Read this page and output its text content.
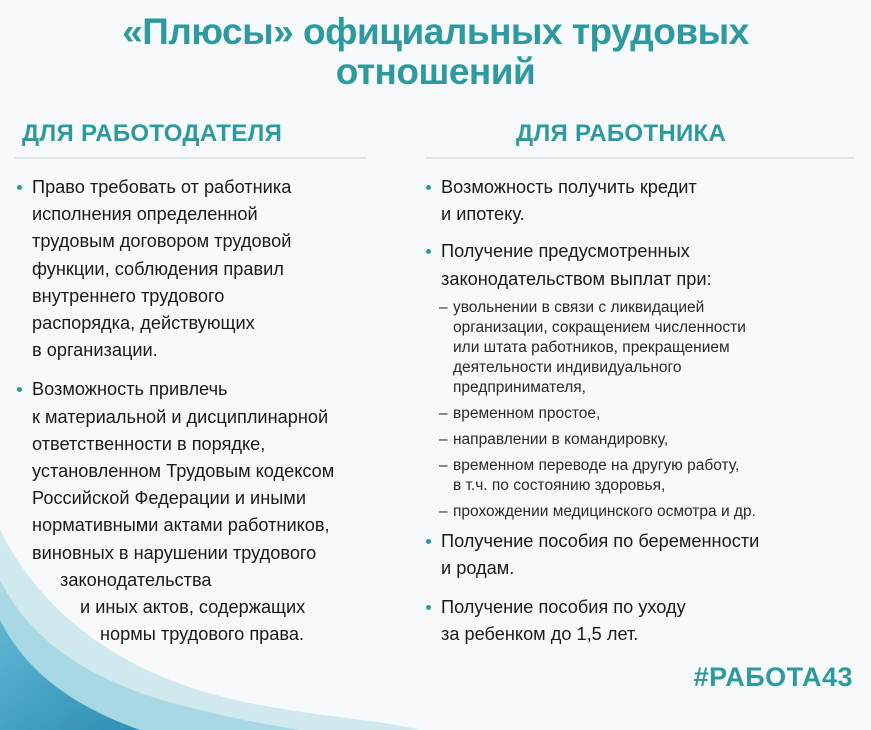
«Плюсы» официальных трудовых
отношений
ДЛЯ РАБОТОДАТЕЛЯ	ДЛЯ РАБОТНИКА
Право требовать от работника
исполнения определенной
трудовым договором трудовой
функции, соблюдения правил
внутреннего трудового
распорядка, действующих
в организации.
Возможность привлечь
к материальной и дисциплинарной
ответственности в порядке,
установленном Трудовым кодексом
Российской Федерации и иными
нормативными актами работников,
виновных в нарушении трудового
законодательства
и иных актов, содержащих
нормы трудового права.
Возможность получить кредит
и ипотеку.
Получение предусмотренных
законодательством выплат при:
– увольнении в связи с ликвидацией
организации, сокращением численности
или штата работников, прекращением
деятельности индивидуального
предпринимателя,
– временном простое,
– направлении в командировку,
– временном переводе на другую работу,
в т.ч. по состоянию здоровья,
– прохождении медицинского осмотра и др.
Получение пособия по беременности
и родам.
Получение пособия по уходу
за ребенком до 1,5 лет.
#РАБОТА43
